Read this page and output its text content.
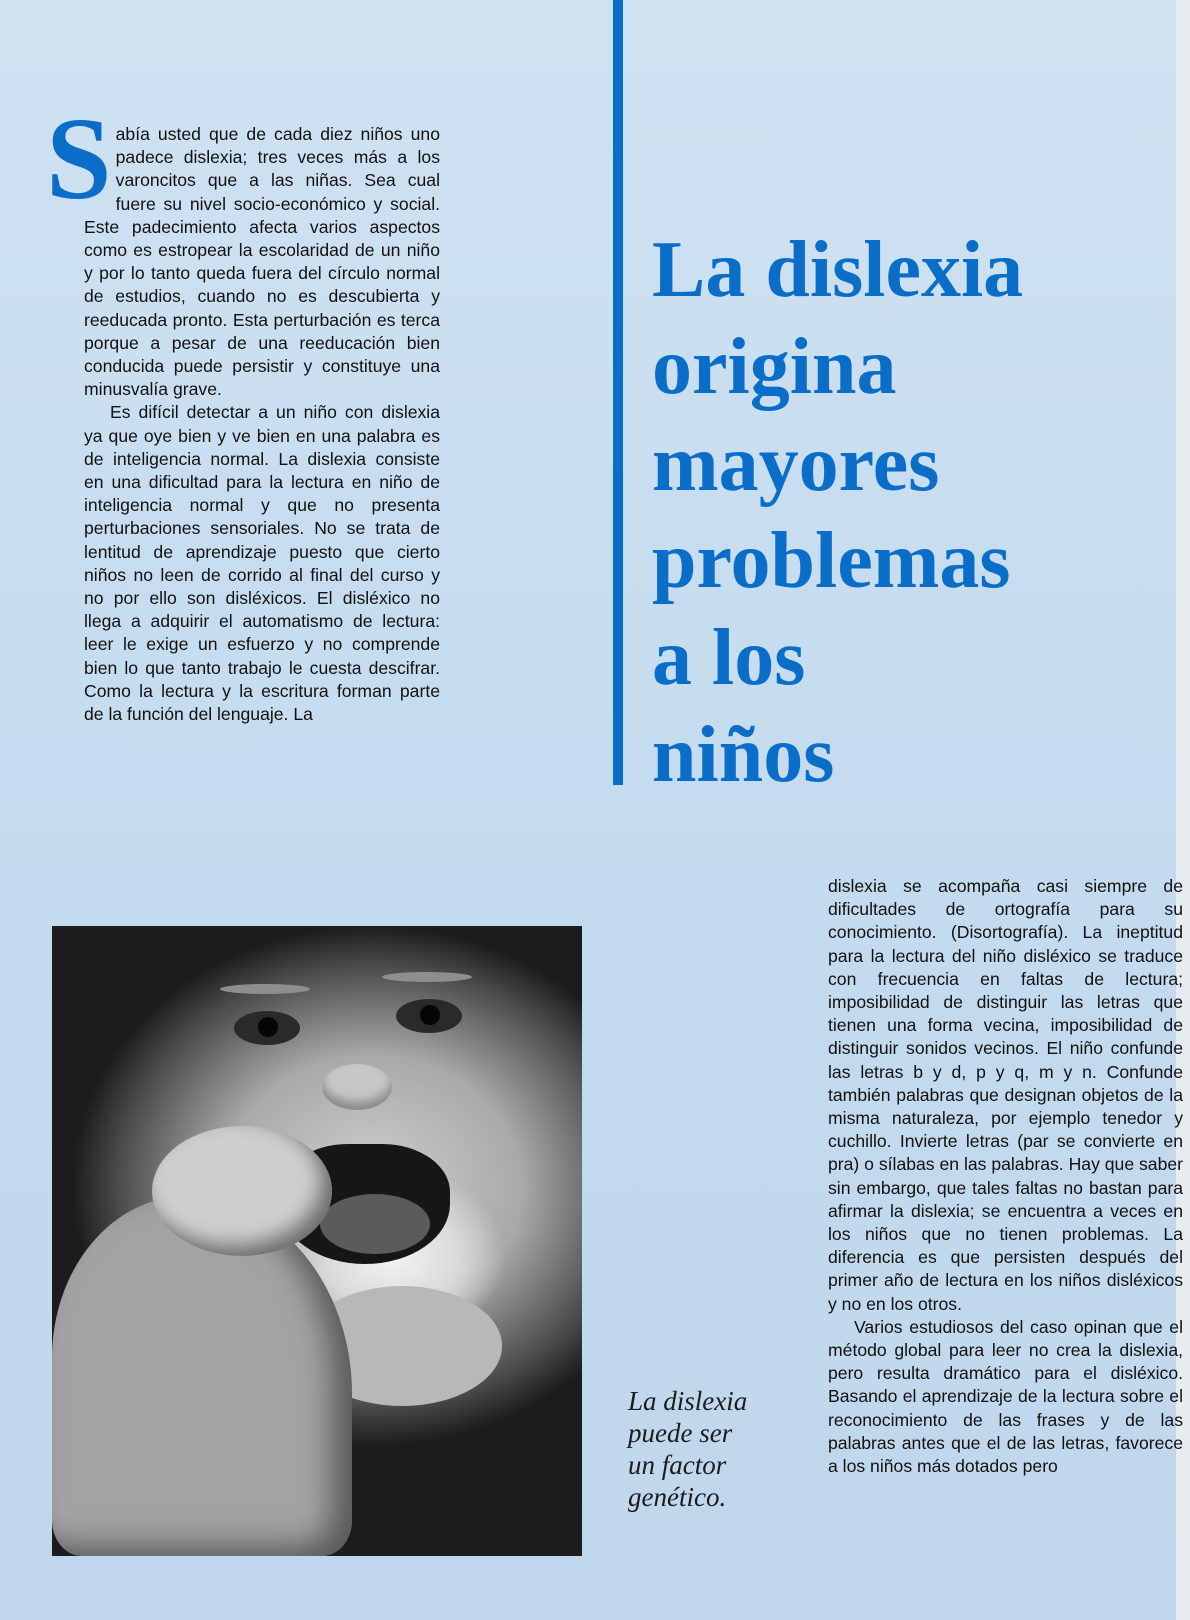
Sabía usted que de cada diez niños uno padece dislexia; tres veces más a los varoncitos que a las niñas. Sea cual fuere su nivel socio-económico y social. Este padecimiento afecta varios aspectos como es estropear la escolaridad de un niño y por lo tanto queda fuera del círculo normal de estudios, cuando no es descubierta y reeducada pronto. Esta perturbación es terca porque a pesar de una reeducación bien conducida puede persistir y constituye una minusvalía grave.

Es difícil detectar a un niño con dislexia ya que oye bien y ve bien en una palabra es de inteligencia normal. La dislexia consiste en una dificultad para la lectura en niño de inteligencia normal y que no presenta perturbaciones sensoriales. No se trata de lentitud de aprendizaje puesto que cierto niños no leen de corrido al final del curso y no por ello son disléxicos. El disléxico no llega a adquirir el automatismo de lectura: leer le exige un esfuerzo y no comprende bien lo que tanto trabajo le cuesta descifrar. Como la lectura y la escritura forman parte de la función del lenguaje. La

La dislexia
origina
mayores
problemas
a los
niños

La dislexia
puede ser
un factor
genético.

dislexia se acompaña casi siempre de dificultades de ortografía para su conocimiento. (Disortografía). La ineptitud para la lectura del niño disléxico se traduce con frecuencia en faltas de lectura; imposibilidad de distinguir las letras que tienen una forma vecina, imposibilidad de distinguir sonidos vecinos. El niño confunde las letras b y d, p y q, m y n. Confunde también palabras que designan objetos de la misma naturaleza, por ejemplo tenedor y cuchillo. Invierte letras (par se convierte en pra) o sílabas en las palabras. Hay que saber sin embargo, que tales faltas no bastan para afirmar la dislexia; se encuentra a veces en los niños que no tienen problemas. La diferencia es que persisten después del primer año de lectura en los niños disléxicos y no en los otros.

Varios estudiosos del caso opinan que el método global para leer no crea la dislexia, pero resulta dramático para el disléxico. Basando el aprendizaje de la lectura sobre el reconocimiento de las frases y de las palabras antes que el de las letras, favorece a los niños más dotados pero
